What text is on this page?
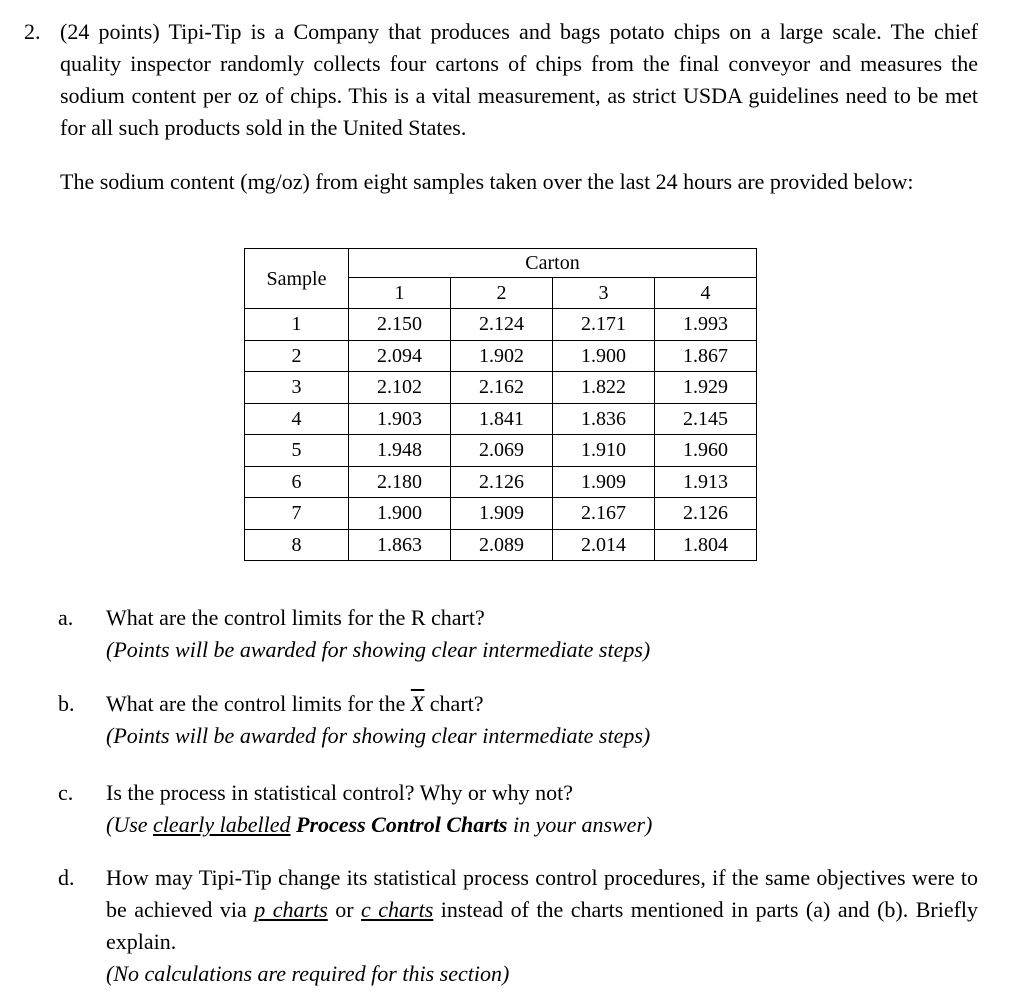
2. (24 points) Tipi-Tip is a Company that produces and bags potato chips on a large scale. The chief quality inspector randomly collects four cartons of chips from the final conveyor and measures the sodium content per oz of chips. This is a vital measurement, as strict USDA guidelines need to be met for all such products sold in the United States.
The sodium content (mg/oz) from eight samples taken over the last 24 hours are provided below:
Sample	Carton			
	1	2	3	4
1	2.150	2.124	2.171	1.993
2	2.094	1.902	1.900	1.867
3	2.102	2.162	1.822	1.929
4	1.903	1.841	1.836	2.145
5	1.948	2.069	1.910	1.960
6	2.180	2.126	1.909	1.913
7	1.900	1.909	2.167	2.126
8	1.863	2.089	2.014	1.804
a. What are the control limits for the R chart?
(Points will be awarded for showing clear intermediate steps)
b. What are the control limits for the $\overline{X}$ chart?
(Points will be awarded for showing clear intermediate steps)
c. Is the process in statistical control? Why or why not?
(Use clearly labelled Process Control Charts in your answer)
d. How may Tipi-Tip change its statistical process control procedures, if the same objectives were to be achieved via p charts or c charts instead of the charts mentioned in parts (a) and (b). Briefly explain.
(No calculations are required for this section)
